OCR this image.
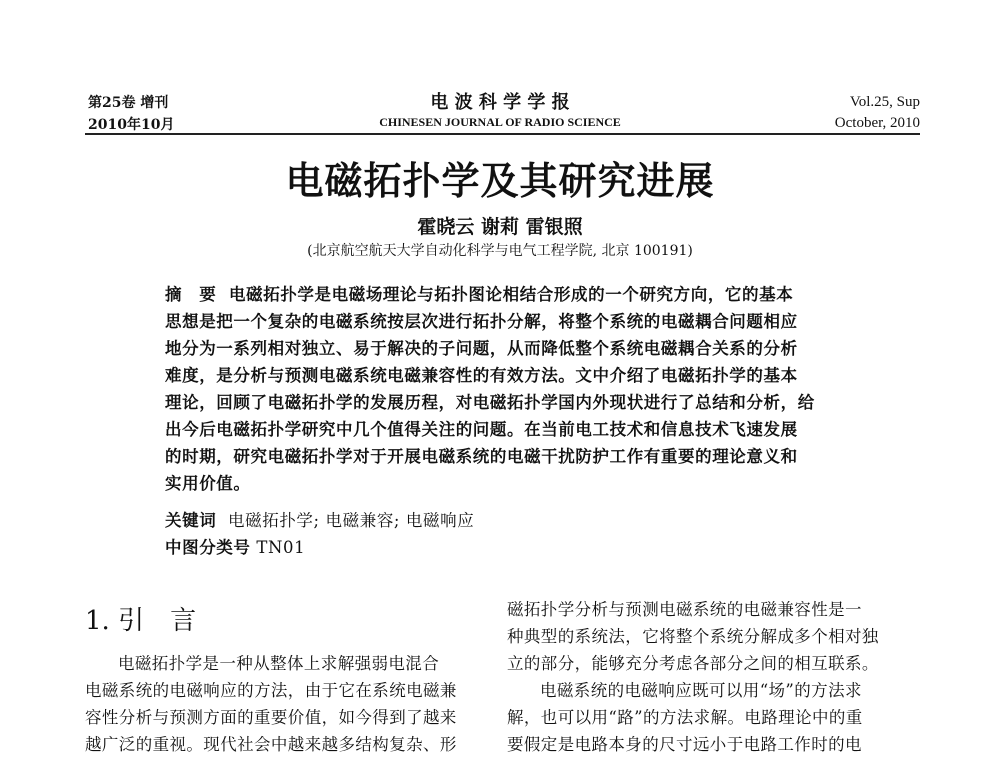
第25卷 增刊
2010年10月
电 波 科 学 学 报
CHINESEN JOURNAL OF RADIO SCIENCE
Vol.25, Sup
October, 2010
电磁拓扑学及其研究进展
霍晓云 谢莉 雷银照
(北京航空航天大学自动化科学与电气工程学院, 北京 100191)
摘　要 电磁拓扑学是电磁场理论与拓扑图论相结合形成的一个研究方向，它的基本
思想是把一个复杂的电磁系统按层次进行拓扑分解，将整个系统的电磁耦合问题相应
地分为一系列相对独立、易于解决的子问题，从而降低整个系统电磁耦合关系的分析
难度，是分析与预测电磁系统电磁兼容性的有效方法。文中介绍了电磁拓扑学的基本
理论，回顾了电磁拓扑学的发展历程，对电磁拓扑学国内外现状进行了总结和分析，给
出今后电磁拓扑学研究中几个值得关注的问题。在当前电工技术和信息技术飞速发展
的时期，研究电磁拓扑学对于开展电磁系统的电磁干扰防护工作有重要的理论意义和
实用价值。
关键词 电磁拓扑学; 电磁兼容; 电磁响应
中图分类号 TN01
1. 引　言
电磁拓扑学是一种从整体上求解强弱电混合
电磁系统的电磁响应的方法，由于它在系统电磁兼
容性分析与预测方面的重要价值，如今得到了越来
越广泛的重视。现代社会中越来越多结构复杂、形
磁拓扑学分析与预测电磁系统的电磁兼容性是一
种典型的系统法，它将整个系统分解成多个相对独
立的部分，能够充分考虑各部分之间的相互联系。
电磁系统的电磁响应既可以用“场”的方法求
解，也可以用“路”的方法求解。电路理论中的重
要假定是电路本身的尺寸远小于电路工作时的电
